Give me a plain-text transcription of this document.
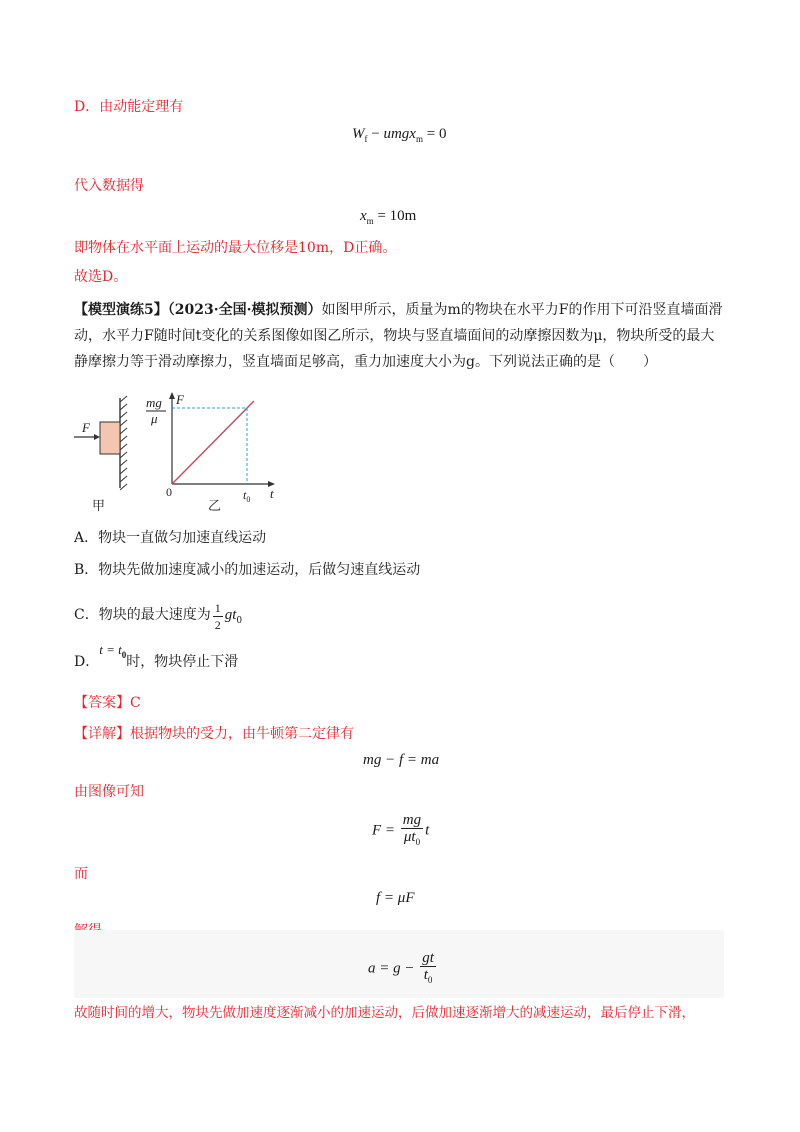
D．由动能定理有
$W_f$ − umgx$_m$ = 0
代入数据得
$x_m = 10m$
即物体在水平面上运动的最大位移是10m，D正确。
故选D。
【模型演练5】（2023·全国·模拟预测）如图甲所示，质量为m的物块在水平力F的作用下可沿竖直墙面滑动，水平力F随时间t变化的关系图像如图乙所示，物块与竖直墙面间的动摩擦因数为μ，物块所受的最大静摩擦力等于滑动摩擦力，竖直墙面足够高，重力加速度大小为g。下列说法正确的是（　　）
F
甲
F
mg
μ
0	$t_0$ t
乙
A．物块一直做匀加速直线运动
B．物块先做加速度减小的加速运动，后做匀速直线运动
C．物块的最大速度为 $\frac{1}{2} gt_0$
D．$t = t_0$时，物块停止下滑
【答案】C
【详解】根据物块的受力，由牛顿第二定律有
mg − f = ma
由图像可知
$F = \frac{mg}{\mu t_0}$ t
而
f = μF
$a = g - \frac{gt}{t_0}$
故随时间的增大，物块先做加速度逐渐减小的加速运动，后做加速逐渐增大的减速运动，最后停止下滑，
